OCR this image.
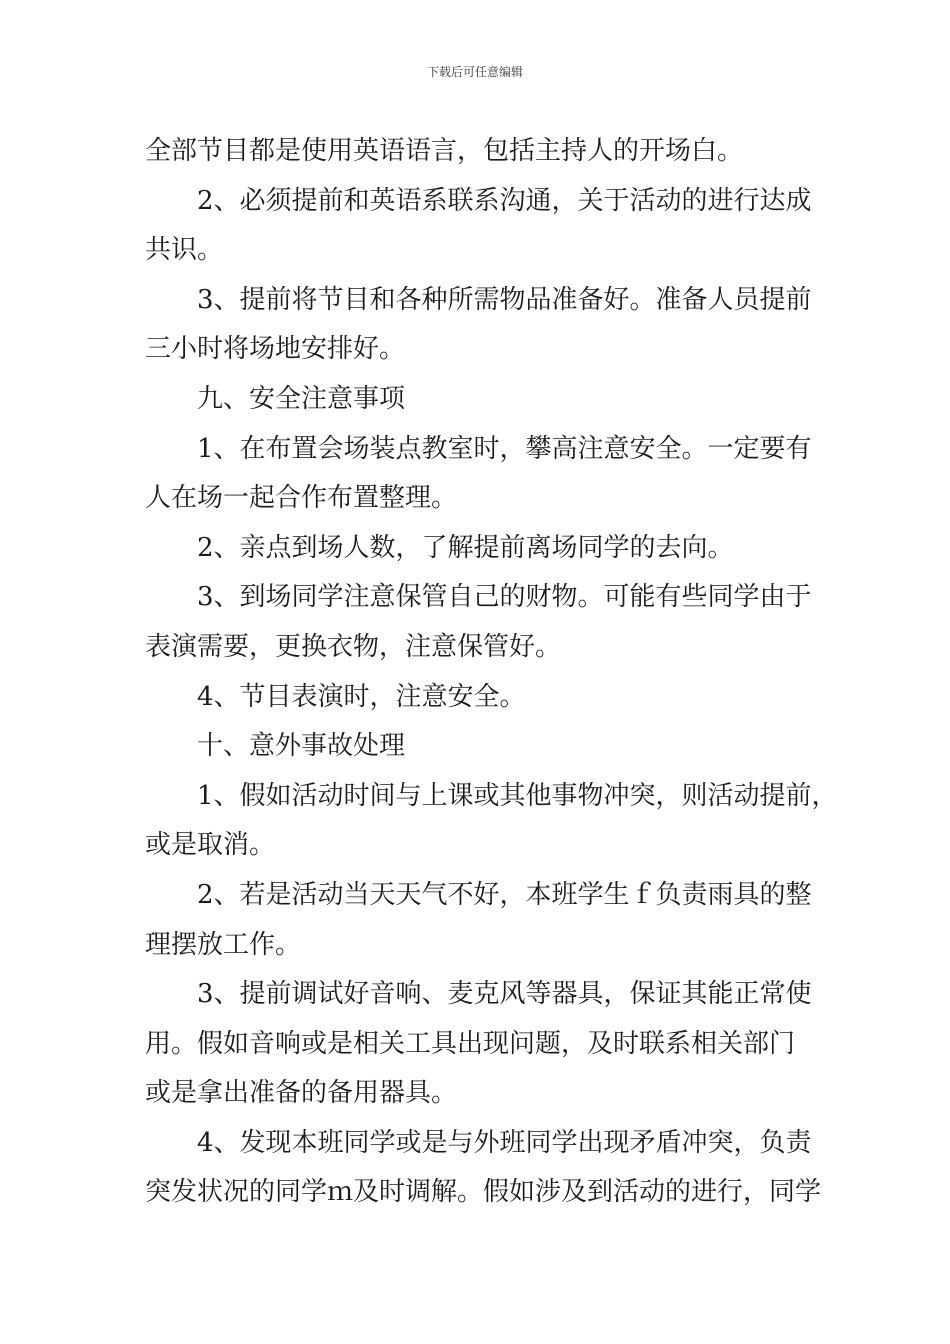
下载后可任意编辑
全部节目都是使用英语语言，包括主持人的开场白。
2、必须提前和英语系联系沟通，关于活动的进行达成
共识。
3、提前将节目和各种所需物品准备好。准备人员提前
三小时将场地安排好。
九、安全注意事项
1、在布置会场装点教室时，攀高注意安全。一定要有
人在场一起合作布置整理。
2、亲点到场人数，了解提前离场同学的去向。
3、到场同学注意保管自己的财物。可能有些同学由于
表演需要，更换衣物，注意保管好。
4、节目表演时，注意安全。
十、意外事故处理
1、假如活动时间与上课或其他事物冲突，则活动提前，
或是取消。
2、若是活动当天天气不好，本班学生ｆ负责雨具的整
理摆放工作。
3、提前调试好音响、麦克风等器具，保证其能正常使
用。假如音响或是相关工具出现问题，及时联系相关部门
或是拿出准备的备用器具。
4、发现本班同学或是与外班同学出现矛盾冲突，负责
突发状况的同学ｍ及时调解。假如涉及到活动的进行，同学
